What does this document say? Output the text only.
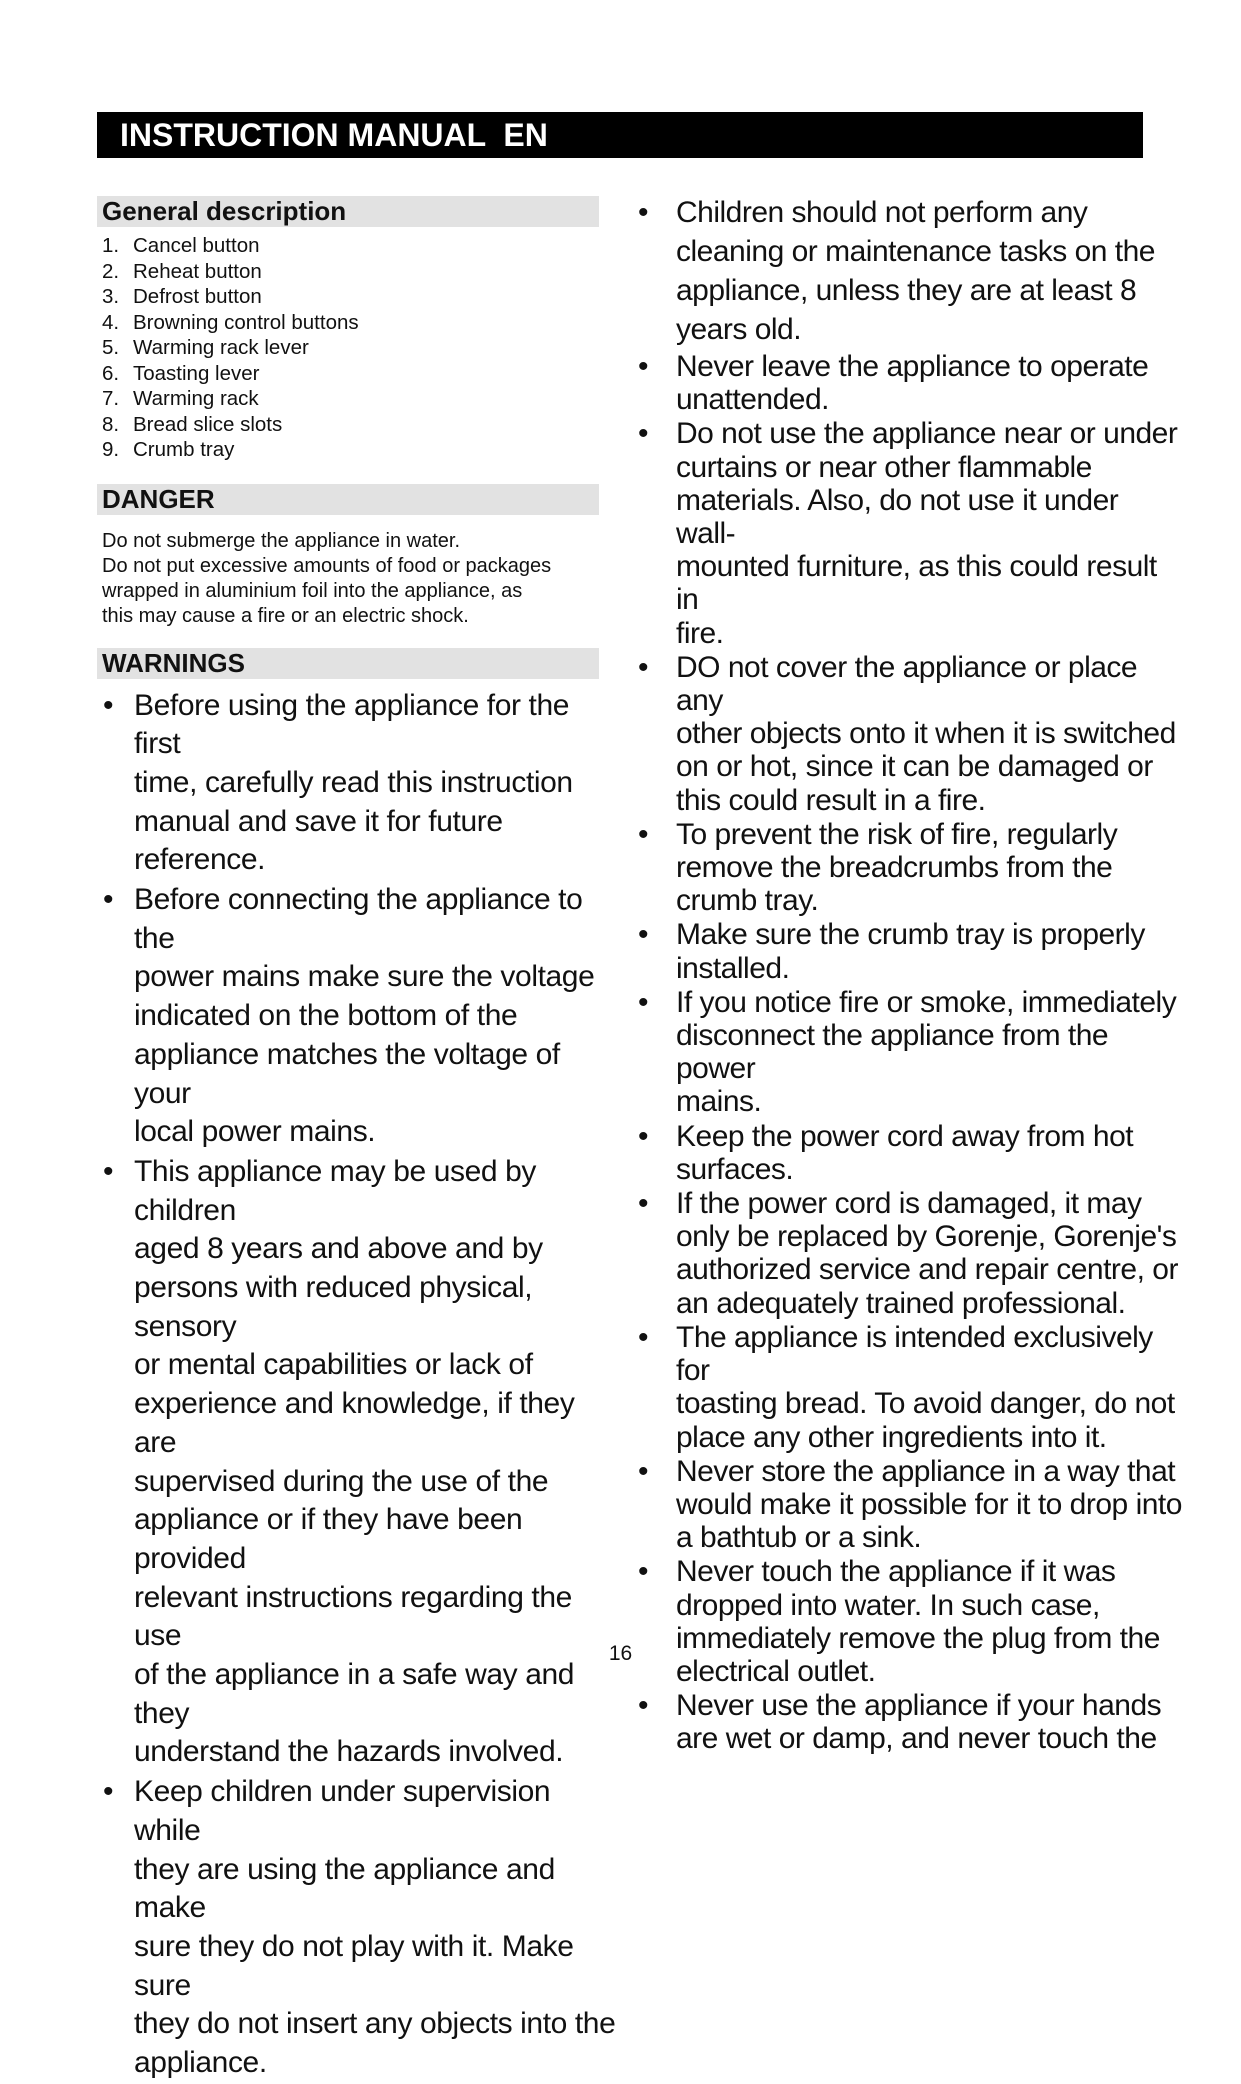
INSTRUCTION MANUAL  EN
General description
1. Cancel button
2. Reheat button
3. Defrost button
4. Browning control buttons
5. Warming rack lever
6. Toasting lever
7. Warming rack
8. Bread slice slots
9. Crumb tray
DANGER
Do not submerge the appliance in water.
Do not put excessive amounts of food or packages
wrapped in aluminium foil into the appliance, as
this may cause a fire or an electric shock.
WARNINGS
• Before using the appliance for the first
time, carefully read this instruction
manual and save it for future reference.
• Before connecting the appliance to the
power mains make sure the voltage
indicated on the bottom of the
appliance matches the voltage of your
local power mains.
• This appliance may be used by children
aged 8 years and above and by
persons with reduced physical, sensory
or mental capabilities or lack of
experience and knowledge, if they are
supervised during the use of the
appliance or if they have been provided
relevant instructions regarding the use
of the appliance in a safe way and they
understand the hazards involved.
• Keep children under supervision while
they are using the appliance and make
sure they do not play with it. Make sure
they do not insert any objects into the
appliance.
• Children should not perform any
cleaning or maintenance tasks on the
appliance, unless they are at least 8
years old.
• Never leave the appliance to operate
unattended.
• Do not use the appliance near or under
curtains or near other flammable
materials. Also, do not use it under wall-
mounted furniture, as this could result in
fire.
• DO not cover the appliance or place any
other objects onto it when it is switched
on or hot, since it can be damaged or
this could result in a fire.
• To prevent the risk of fire, regularly
remove the breadcrumbs from the
crumb tray.
• Make sure the crumb tray is properly
installed.
• If you notice fire or smoke, immediately
disconnect the appliance from the power
mains.
• Keep the power cord away from hot
surfaces.
• If the power cord is damaged, it may
only be replaced by Gorenje, Gorenje's
authorized service and repair centre, or
an adequately trained professional.
• The appliance is intended exclusively for
toasting bread. To avoid danger, do not
place any other ingredients into it.
• Never store the appliance in a way that
would make it possible for it to drop into
a bathtub or a sink.
• Never touch the appliance if it was
dropped into water. In such case,
immediately remove the plug from the
electrical outlet.
• Never use the appliance if your hands
are wet or damp, and never touch the
16
